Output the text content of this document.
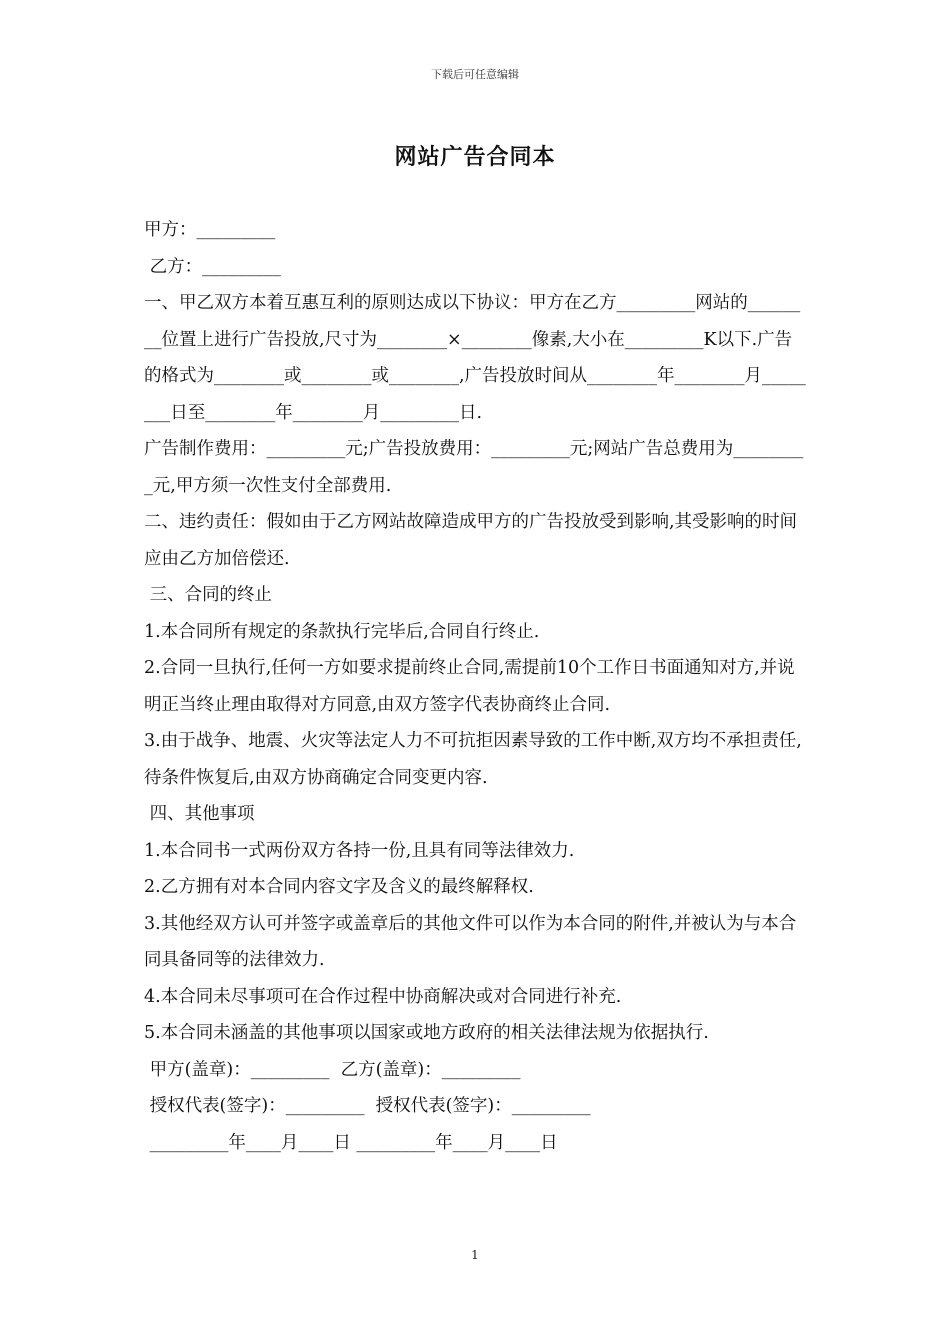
下载后可任意编辑
网站广告合同本
甲方：_________
乙方：_________
一、甲乙双方本着互惠互利的原则达成以下协议：甲方在乙方_________网站的________位置上进行广告投放,尺寸为________×________像素,大小在_________K以下.广告的格式为________或________或________,广告投放时间从________年________月________日至________年________月_________日.
广告制作费用：_________元;广告投放费用：_________元;网站广告总费用为_________元,甲方须一次性支付全部费用.
二、违约责任：假如由于乙方网站故障造成甲方的广告投放受到影响,其受影响的时间应由乙方加倍偿还.
三、合同的终止
1.本合同所有规定的条款执行完毕后,合同自行终止.
2.合同一旦执行,任何一方如要求提前终止合同,需提前10个工作日书面通知对方,并说明正当终止理由取得对方同意,由双方签字代表协商终止合同.
3.由于战争、地震、火灾等法定人力不可抗拒因素导致的工作中断,双方均不承担责任,待条件恢复后,由双方协商确定合同变更内容.
四、其他事项
1.本合同书一式两份双方各持一份,且具有同等法律效力.
2.乙方拥有对本合同内容文字及含义的最终解释权.
3.其他经双方认可并签字或盖章后的其他文件可以作为本合同的附件,并被认为与本合同具备同等的法律效力.
4.本合同未尽事项可在合作过程中协商解决或对合同进行补充.
5.本合同未涵盖的其他事项以国家或地方政府的相关法律法规为依据执行.
甲方(盖章)：_________  乙方(盖章)：_________
授权代表(签字)：_________  授权代表(签字)：_________
_________年____月____日 _________年____月____日
1
